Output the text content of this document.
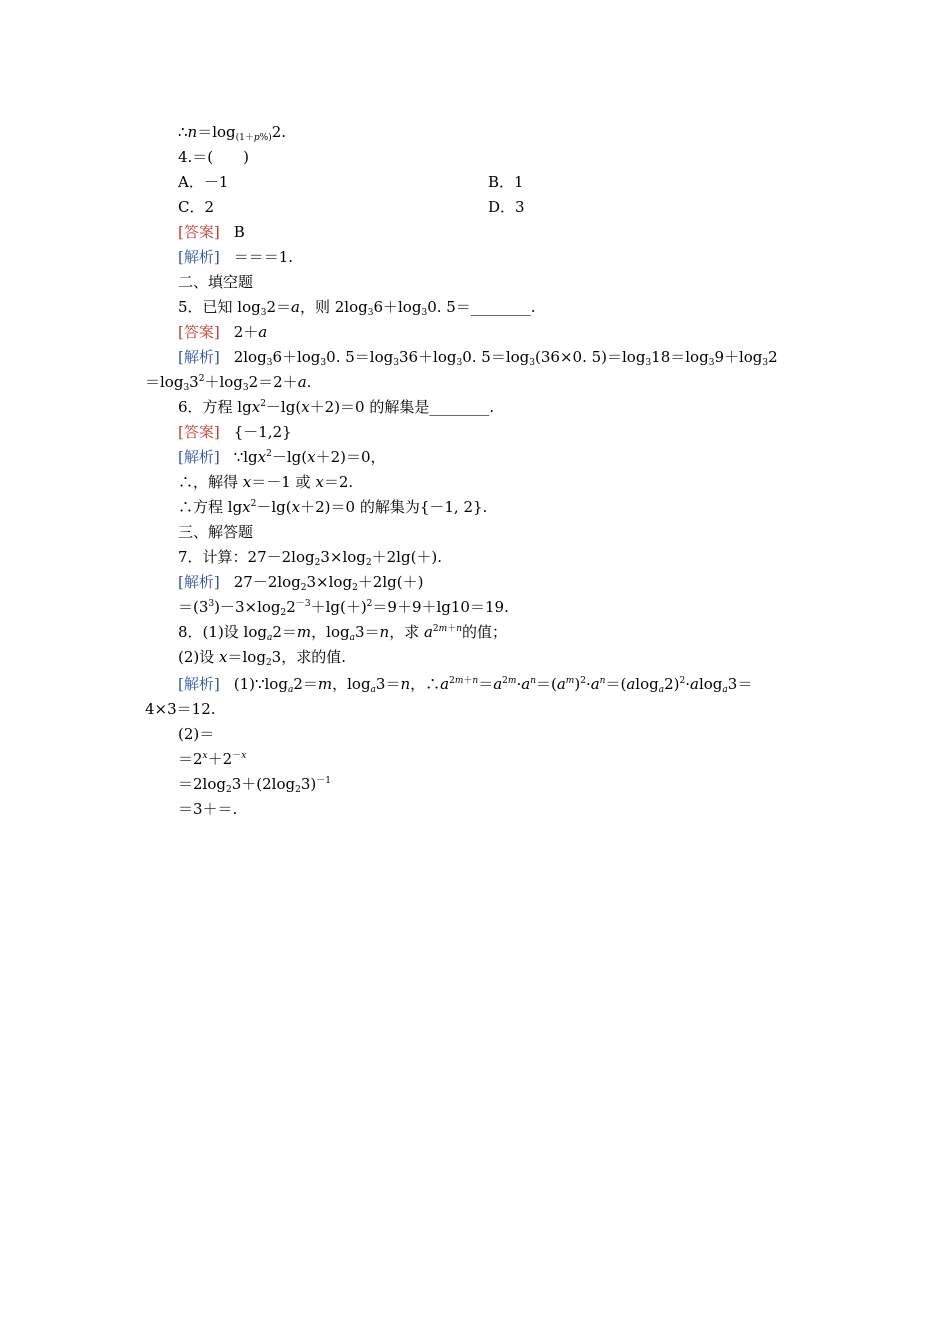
$\therefore n=\log_{(1+p\%)}2$.
4.＝(　　)
A．－1	B．1
C．2	D．3
[答案] B
[解析] ＝＝＝1.
二、填空题
5．已知 $\log_32=a$，则 $2\log_36+\log_30$. 5＝________.
[答案] 2＋a
[解析] $2\log_36+\log_30$. $5=\log_336+\log_30$. $5=\log_3(36\times 0$. $5)=\log_318=\log_39+\log_32$
$=\log_33^2+\log_32=2+a$.
6．方程 lgx$^2$－lg(x＋2)＝0 的解集是________.
[答案] {－1,2}
[解析] ∵lgx$^2$－lg(x＋2)＝0，
∴，解得 x＝－1 或 x＝2.
∴方程 lgx$^2$－lg(x＋2)＝0 的解集为{－1, 2}.
三、解答题
7．计算：$27-2\log_23\times\log_2+2\lg(+)$.
[解析] $27-2\log_23\times\log_2+2\lg(+)$
$=(3^3)-3\times\log_22^{-3}+\lg(+)^2=9+9+\lg 10=19$.
8．(1)设 $\log_a2=m$，$\log_a3=n$，求 $a^{2m+n}$的值；
(2)设 $x=\log_23$，求的值.
[解析] $(1)\because\log_a2=m$，$\log_a3=n$，$\therefore a^{2m+n}=a^{2m}\cdot a^n=(a^m)^2\cdot a^n=(alog_a2)^2\cdot alog_a3=$
4×3＝12.
(2)＝
$=2^x+2^{-x}$
$=2\log_23+(2\log_23)^{-1}$
＝3＋＝.
